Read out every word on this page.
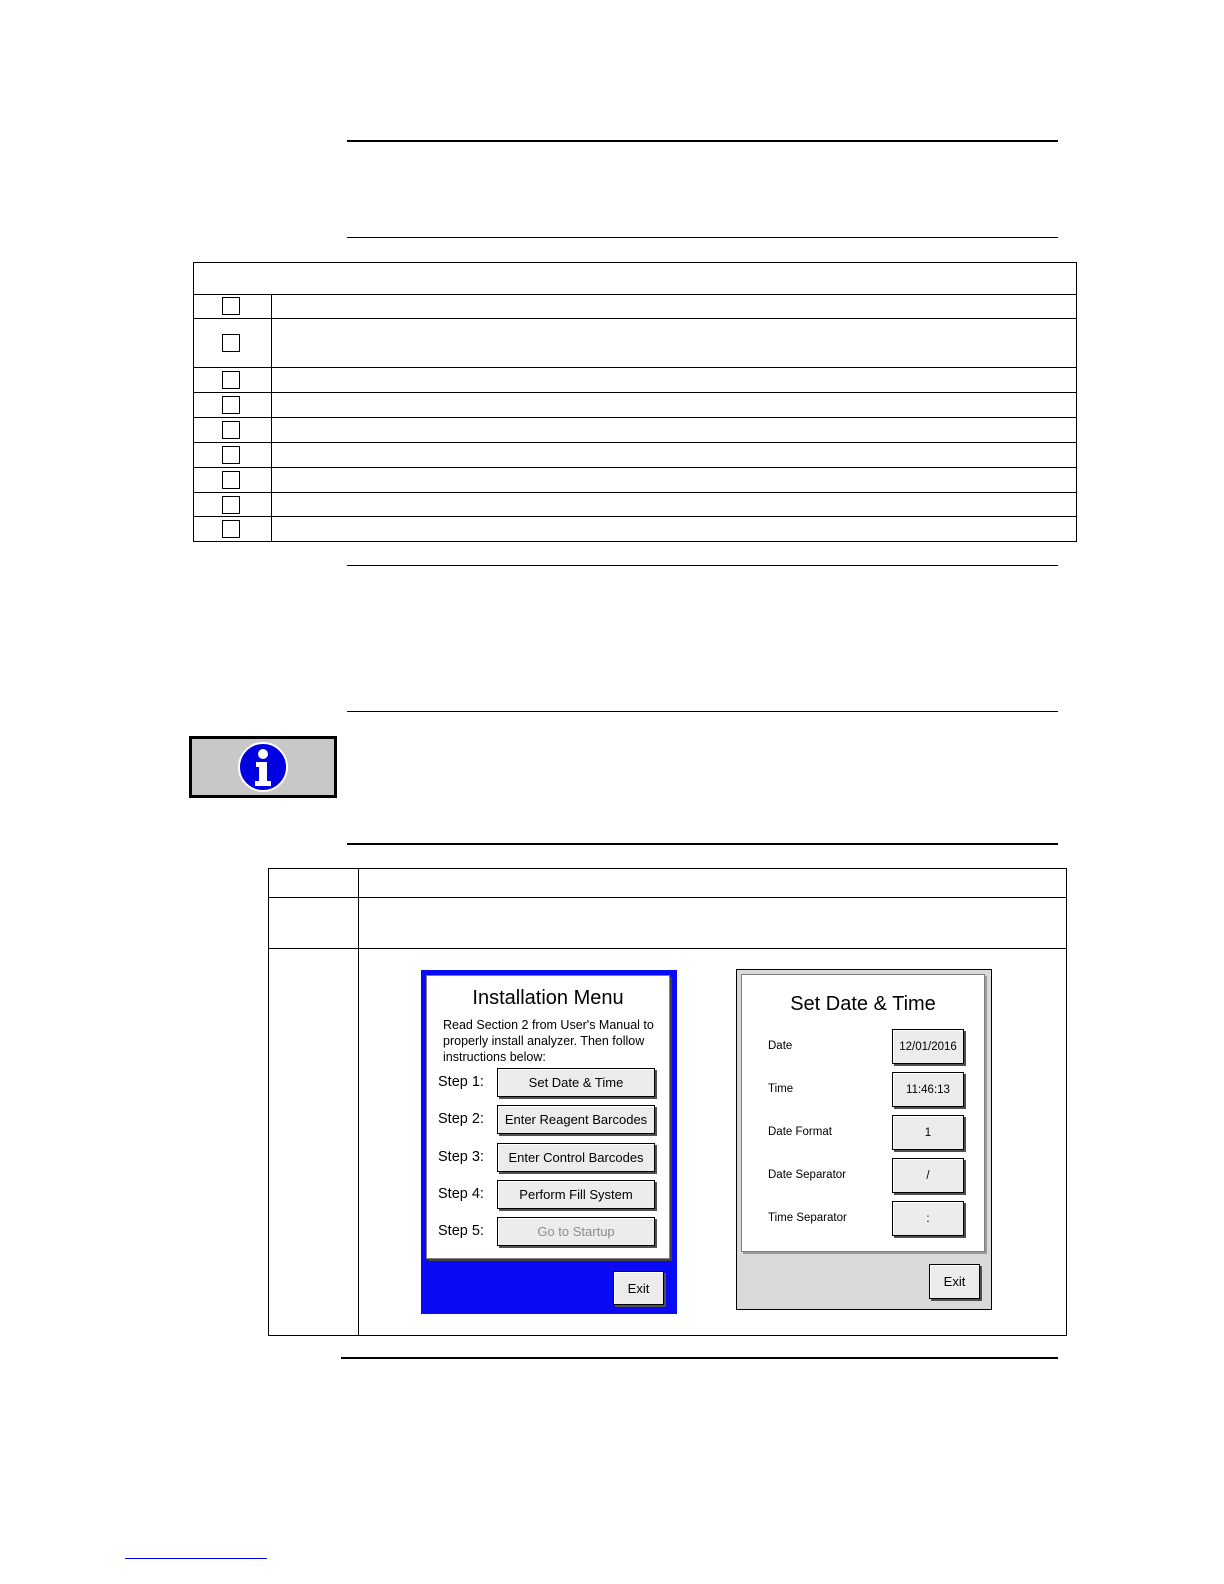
Installation Menu
Read Section 2 from User's Manual to properly install analyzer. Then follow instructions below:
Step 1:	Set Date & Time
Step 2:	Enter Reagent Barcodes
Step 3:	Enter Control Barcodes
Step 4:	Perform Fill System
Step 5:	Go to Startup
Exit
Set Date & Time
Date	12/01/2016
Time	11:46:13
Date Format	1
Date Separator	/
Time Separator	:
Exit
